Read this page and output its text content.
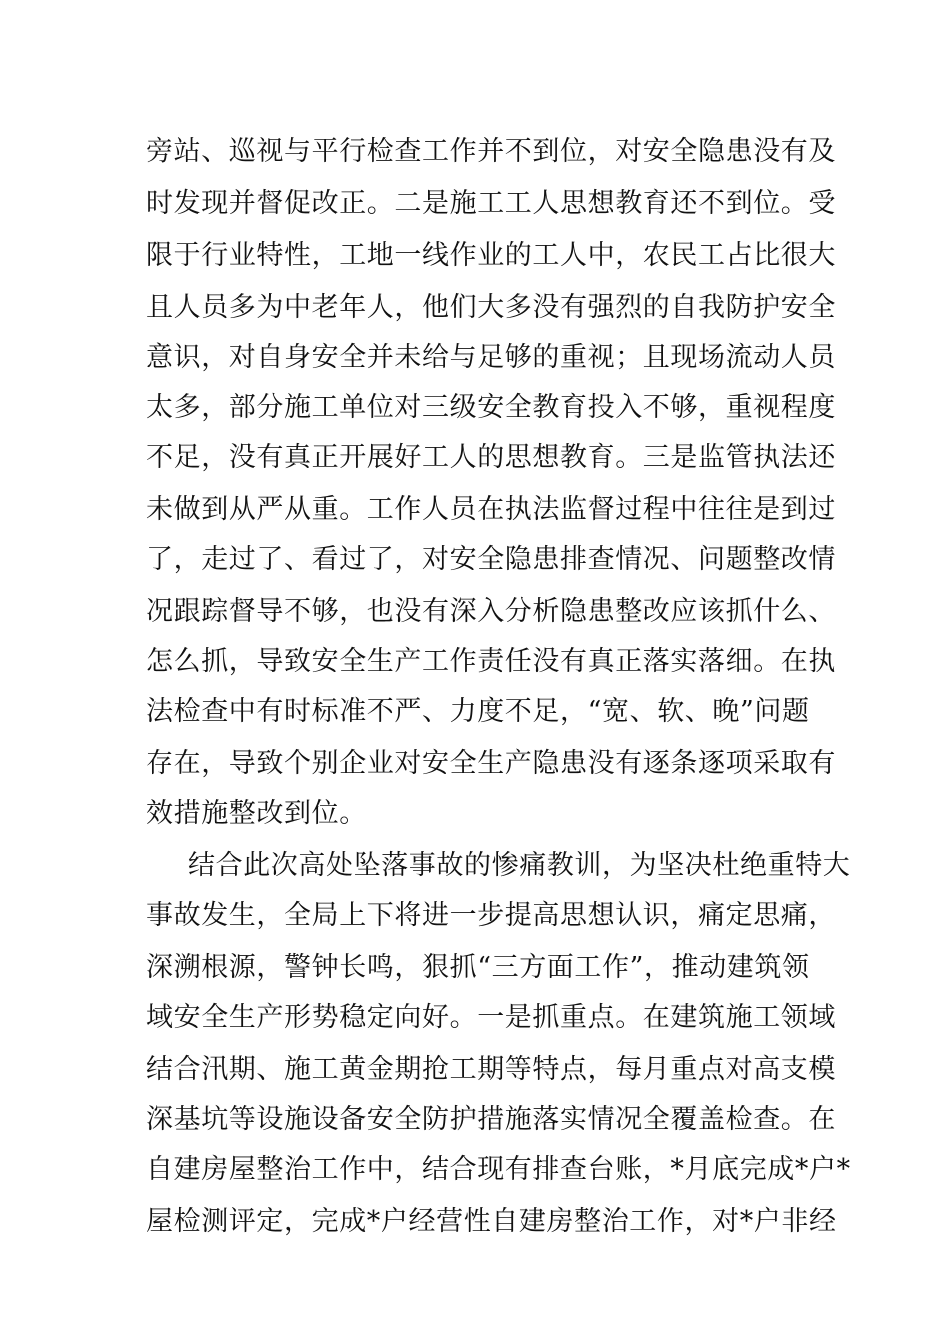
旁站、巡视与平行检查工作并不到位，对安全隐患没有及
时发现并督促改正。二是施工工人思想教育还不到位。受
限于行业特性，工地一线作业的工人中，农民工占比很大
且人员多为中老年人，他们大多没有强烈的自我防护安全
意识，对自身安全并未给与足够的重视；且现场流动人员
太多，部分施工单位对三级安全教育投入不够，重视程度
不足，没有真正开展好工人的思想教育。三是监管执法还
未做到从严从重。工作人员在执法监督过程中往往是到过
了，走过了、看过了，对安全隐患排查情况、问题整改情
况跟踪督导不够，也没有深入分析隐患整改应该抓什么、
怎么抓，导致安全生产工作责任没有真正落实落细。在执
法检查中有时标准不严、力度不足，“宽、软、晚”问题
存在，导致个别企业对安全生产隐患没有逐条逐项采取有
效措施整改到位。
结合此次高处坠落事故的惨痛教训，为坚决杜绝重特大
事故发生，全局上下将进一步提高思想认识，痛定思痛，
深溯根源，警钟长鸣，狠抓“三方面工作”，推动建筑领
域安全生产形势稳定向好。一是抓重点。在建筑施工领域
结合汛期、施工黄金期抢工期等特点，每月重点对高支模
深基坑等设施设备安全防护措施落实情况全覆盖检查。在
自建房屋整治工作中，结合现有排查台账，*月底完成*户*
屋检测评定，完成*户经营性自建房整治工作，对*户非经
